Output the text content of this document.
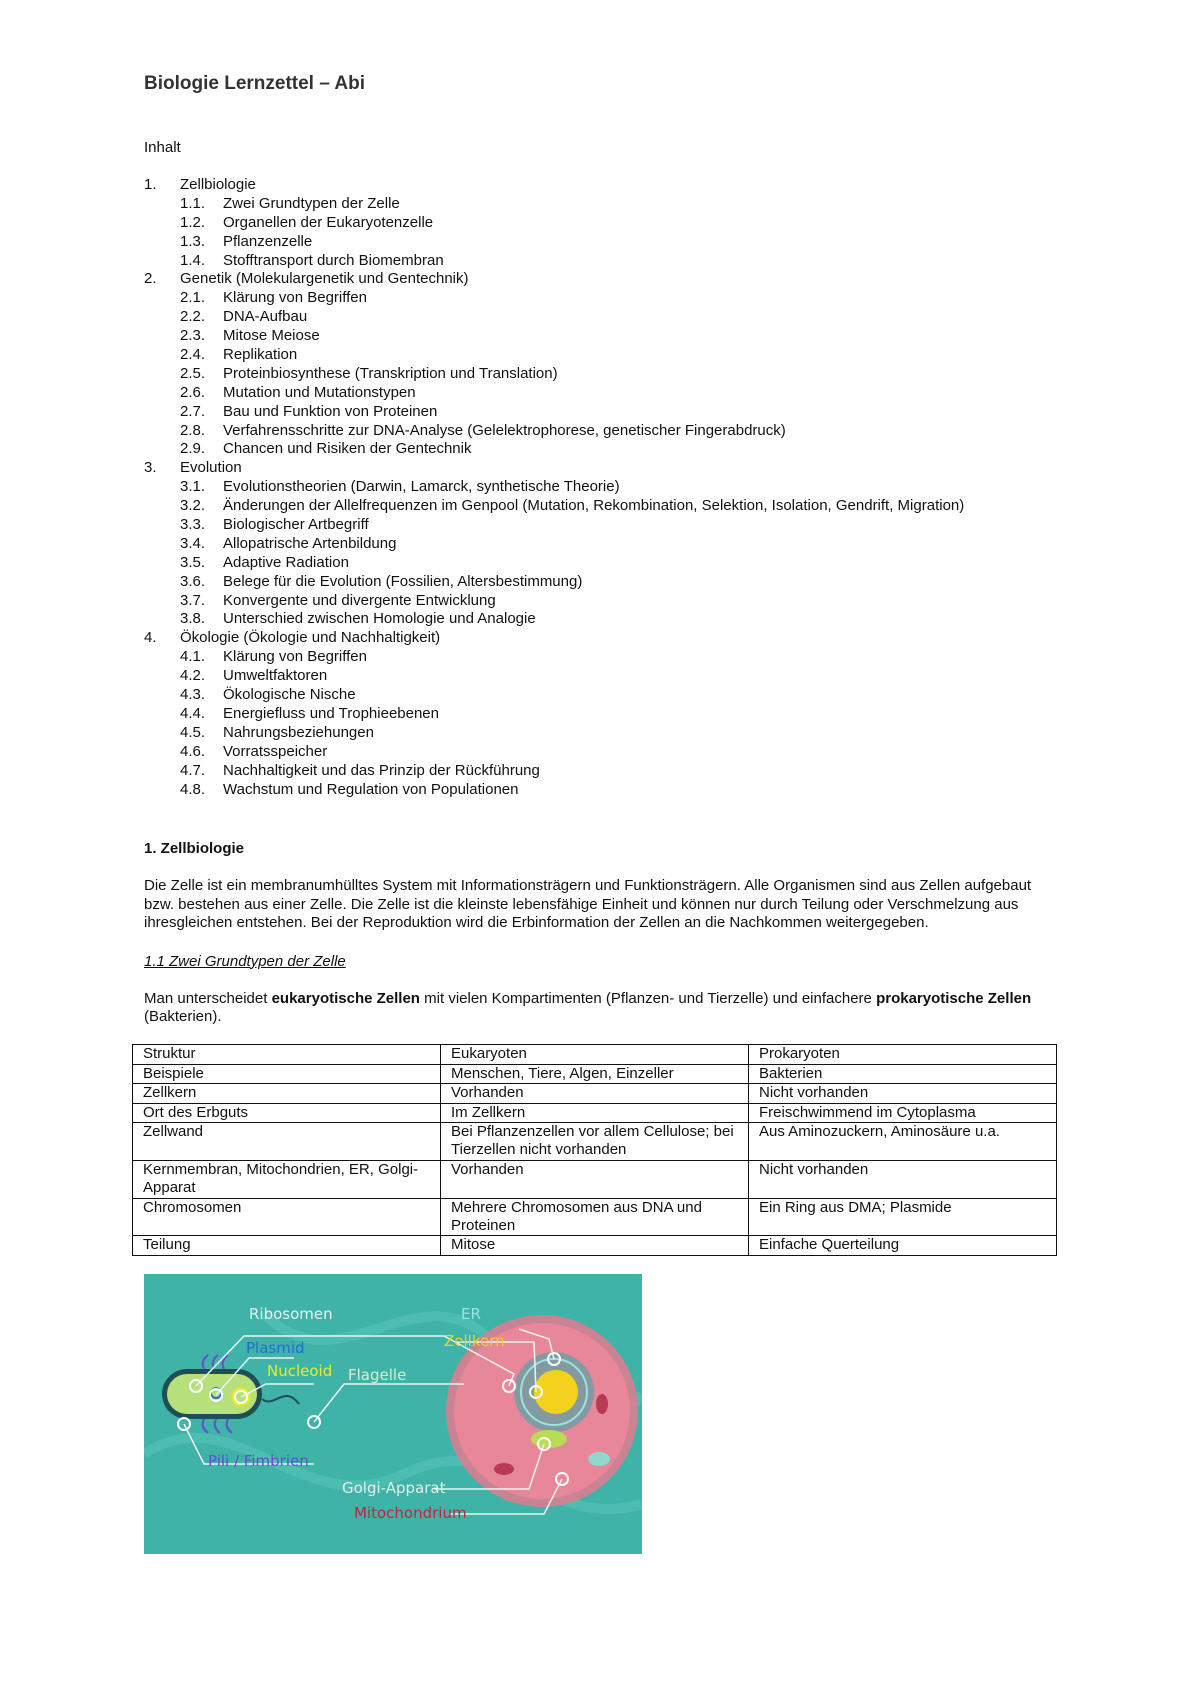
Biologie Lernzettel – Abi
Inhalt
1.	Zellbiologie
1.1.	Zwei Grundtypen der Zelle
1.2.	Organellen der Eukaryotenzelle
1.3.	Pflanzenzelle
1.4.	Stofftransport durch Biomembran
2.	Genetik (Molekulargenetik und Gentechnik)
2.1.	Klärung von Begriffen
2.2.	DNA-Aufbau
2.3.	Mitose Meiose
2.4.	Replikation
2.5.	Proteinbiosynthese (Transkription und Translation)
2.6.	Mutation und Mutationstypen
2.7.	Bau und Funktion von Proteinen
2.8.	Verfahrensschritte zur DNA-Analyse (Gelelektrophorese, genetischer Fingerabdruck)
2.9.	Chancen und Risiken der Gentechnik
3.	Evolution
3.1.	Evolutionstheorien (Darwin, Lamarck, synthetische Theorie)
3.2.	Änderungen der Allelfrequenzen im Genpool (Mutation, Rekombination, Selektion, Isolation, Gendrift, Migration)
3.3.	Biologischer Artbegriff
3.4.	Allopatrische Artenbildung
3.5.	Adaptive Radiation
3.6.	Belege für die Evolution (Fossilien, Altersbestimmung)
3.7.	Konvergente und divergente Entwicklung
3.8.	Unterschied zwischen Homologie und Analogie
4.	Ökologie (Ökologie und Nachhaltigkeit)
4.1.	Klärung von Begriffen
4.2.	Umweltfaktoren
4.3.	Ökologische Nische
4.4.	Energiefluss und Trophieebenen
4.5.	Nahrungsbeziehungen
4.6.	Vorratsspeicher
4.7.	Nachhaltigkeit und das Prinzip der Rückführung
4.8.	Wachstum und Regulation von Populationen
1. Zellbiologie
Die Zelle ist ein membranumhülltes System mit Informationsträgern und Funktionsträgern. Alle Organismen sind aus Zellen aufgebaut bzw. bestehen aus einer Zelle. Die Zelle ist die kleinste lebensfähige Einheit und können nur durch Teilung oder Verschmelzung aus ihresgleichen entstehen. Bei der Reproduktion wird die Erbinformation der Zellen an die Nachkommen weitergegeben.
1.1 Zwei Grundtypen der Zelle
Man unterscheidet eukaryotische Zellen mit vielen Kompartimenten (Pflanzen- und Tierzelle) und einfachere prokaryotische Zellen (Bakterien).
Struktur	Eukaryoten	Prokaryoten
Beispiele	Menschen, Tiere, Algen, Einzeller	Bakterien
Zellkern	Vorhanden	Nicht vorhanden
Ort des Erbguts	Im Zellkern	Freischwimmend im Cytoplasma
Zellwand	Bei Pflanzenzellen vor allem Cellulose; bei Tierzellen nicht vorhanden	Aus Aminozuckern, Aminosäure u.a.
Kernmembran, Mitochondrien, ER, Golgi-Apparat	Vorhanden	Nicht vorhanden
Chromosomen	Mehrere Chromosomen aus DNA und Proteinen	Ein Ring aus DMA; Plasmide
Teilung	Mitose	Einfache Querteilung
Ribosomen
Plasmid
Nucleoid Flagelle
Pili / Fimbrien
ER
Zellkern
Golgi-Apparat
Mitochondrium
